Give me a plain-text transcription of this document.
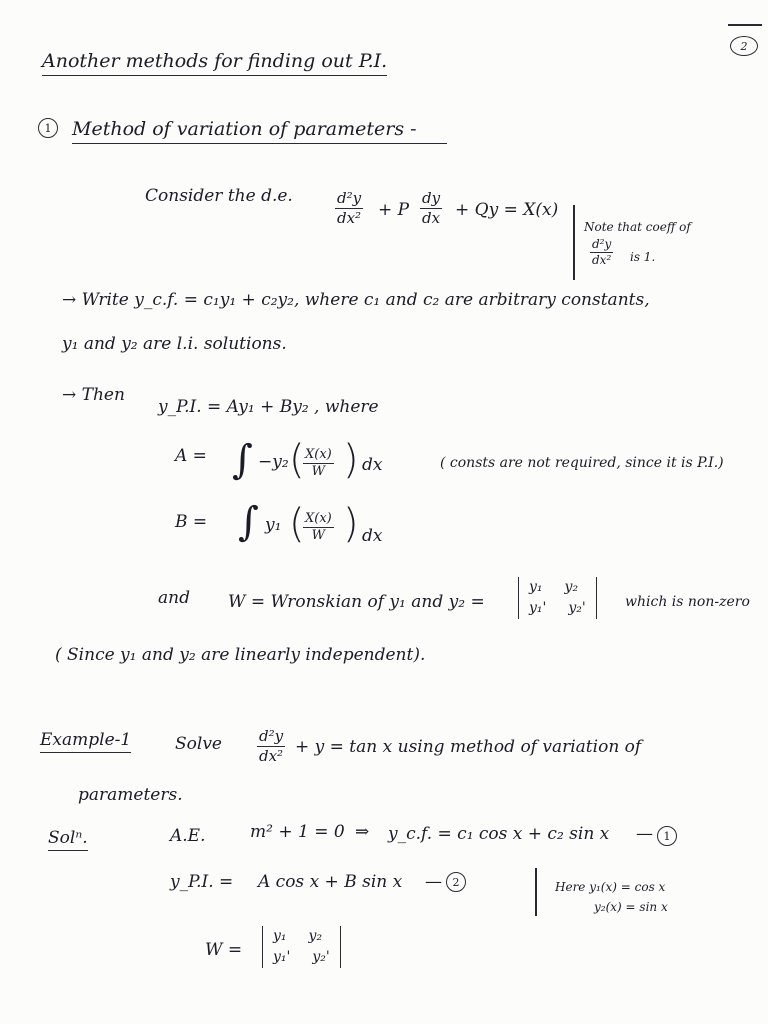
2
Another methods for finding out P.I.
1 Method of variation of parameters -
Consider the d.e.	$\frac{\text{d²y}}{\text{dx²}} + P \frac{dy}{dx} + Qy = X(x)$
Note that coeff of
$\frac{\text{d²y}}{\text{dx²}}$ is 1.
→ Write y_c.f. = c₁y₁ + c₂y₂, where c₁ and c₂ are arbitrary constants,
y₁ and y₂ are l.i. solutions.
→ Then
y_P.I. = Ay₁ + By₂ , where
A = ∫ −y₂ (
$\frac{X(x)}{W}$ ) dx	( consts are not required, since it is P.I.)
B = ∫ y₁ (
$\frac{X(x)}{W}$ ) dx
and W = Wronskian of y₁ and y₂ =
y₁ y₂
y₁' y₂'	which is non-zero
( Since y₁ and y₂ are linearly independent).
Example-1	Solve $\frac{\text{d²y}}{\text{dx²}} + y = \tan x$ using method of variation of
parameters.
Solⁿ.	A.E.	m² + 1 = 0 ⇒ y_c.f. = c₁ cos x + c₂ sin x — 1
y_P.I. = A cos x + B sin x — 2	Here y₁(x) = cos x
y₂(x) = sin x
W =
y₁ y₂
y₁' y₂'
